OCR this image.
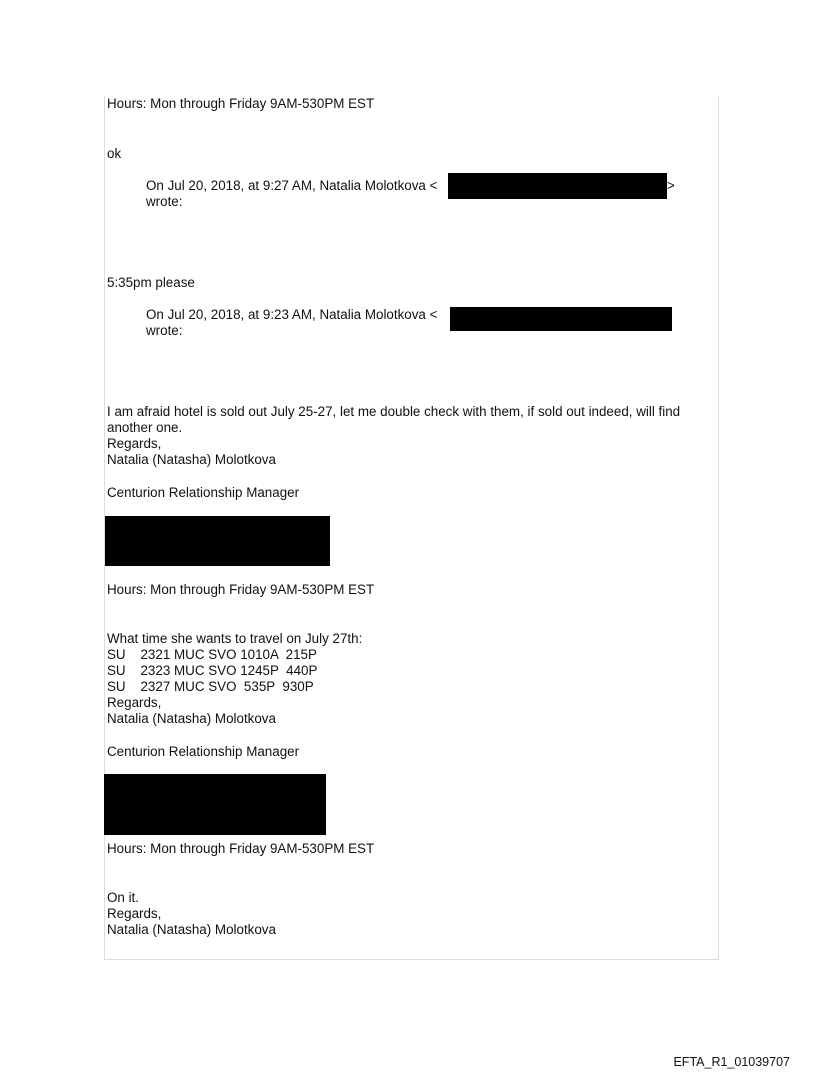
Hours: Mon through Friday 9AM-530PM EST

ok

On Jul 20, 2018, at 9:27 AM, Natalia Molotkova <	>

wrote:

5:35pm please

On Jul 20, 2018, at 9:23 AM, Natalia Molotkova <

wrote:

I am afraid hotel is sold out July 25-27, let me double check with them, if sold out indeed, will find

another one.

Regards,

Natalia (Natasha) Molotkova

Centurion Relationship Manager

Hours: Mon through Friday 9AM-530PM EST

What time she wants to travel on July 27th:

SU    2321 MUC SVO 1010A  215P

SU    2323 MUC SVO 1245P  440P

SU    2327 MUC SVO  535P  930P

Regards,

Natalia (Natasha) Molotkova

Centurion Relationship Manager

Hours: Mon through Friday 9AM-530PM EST

On it.

Regards,

Natalia (Natasha) Molotkova

EFTA_R1_01039707
